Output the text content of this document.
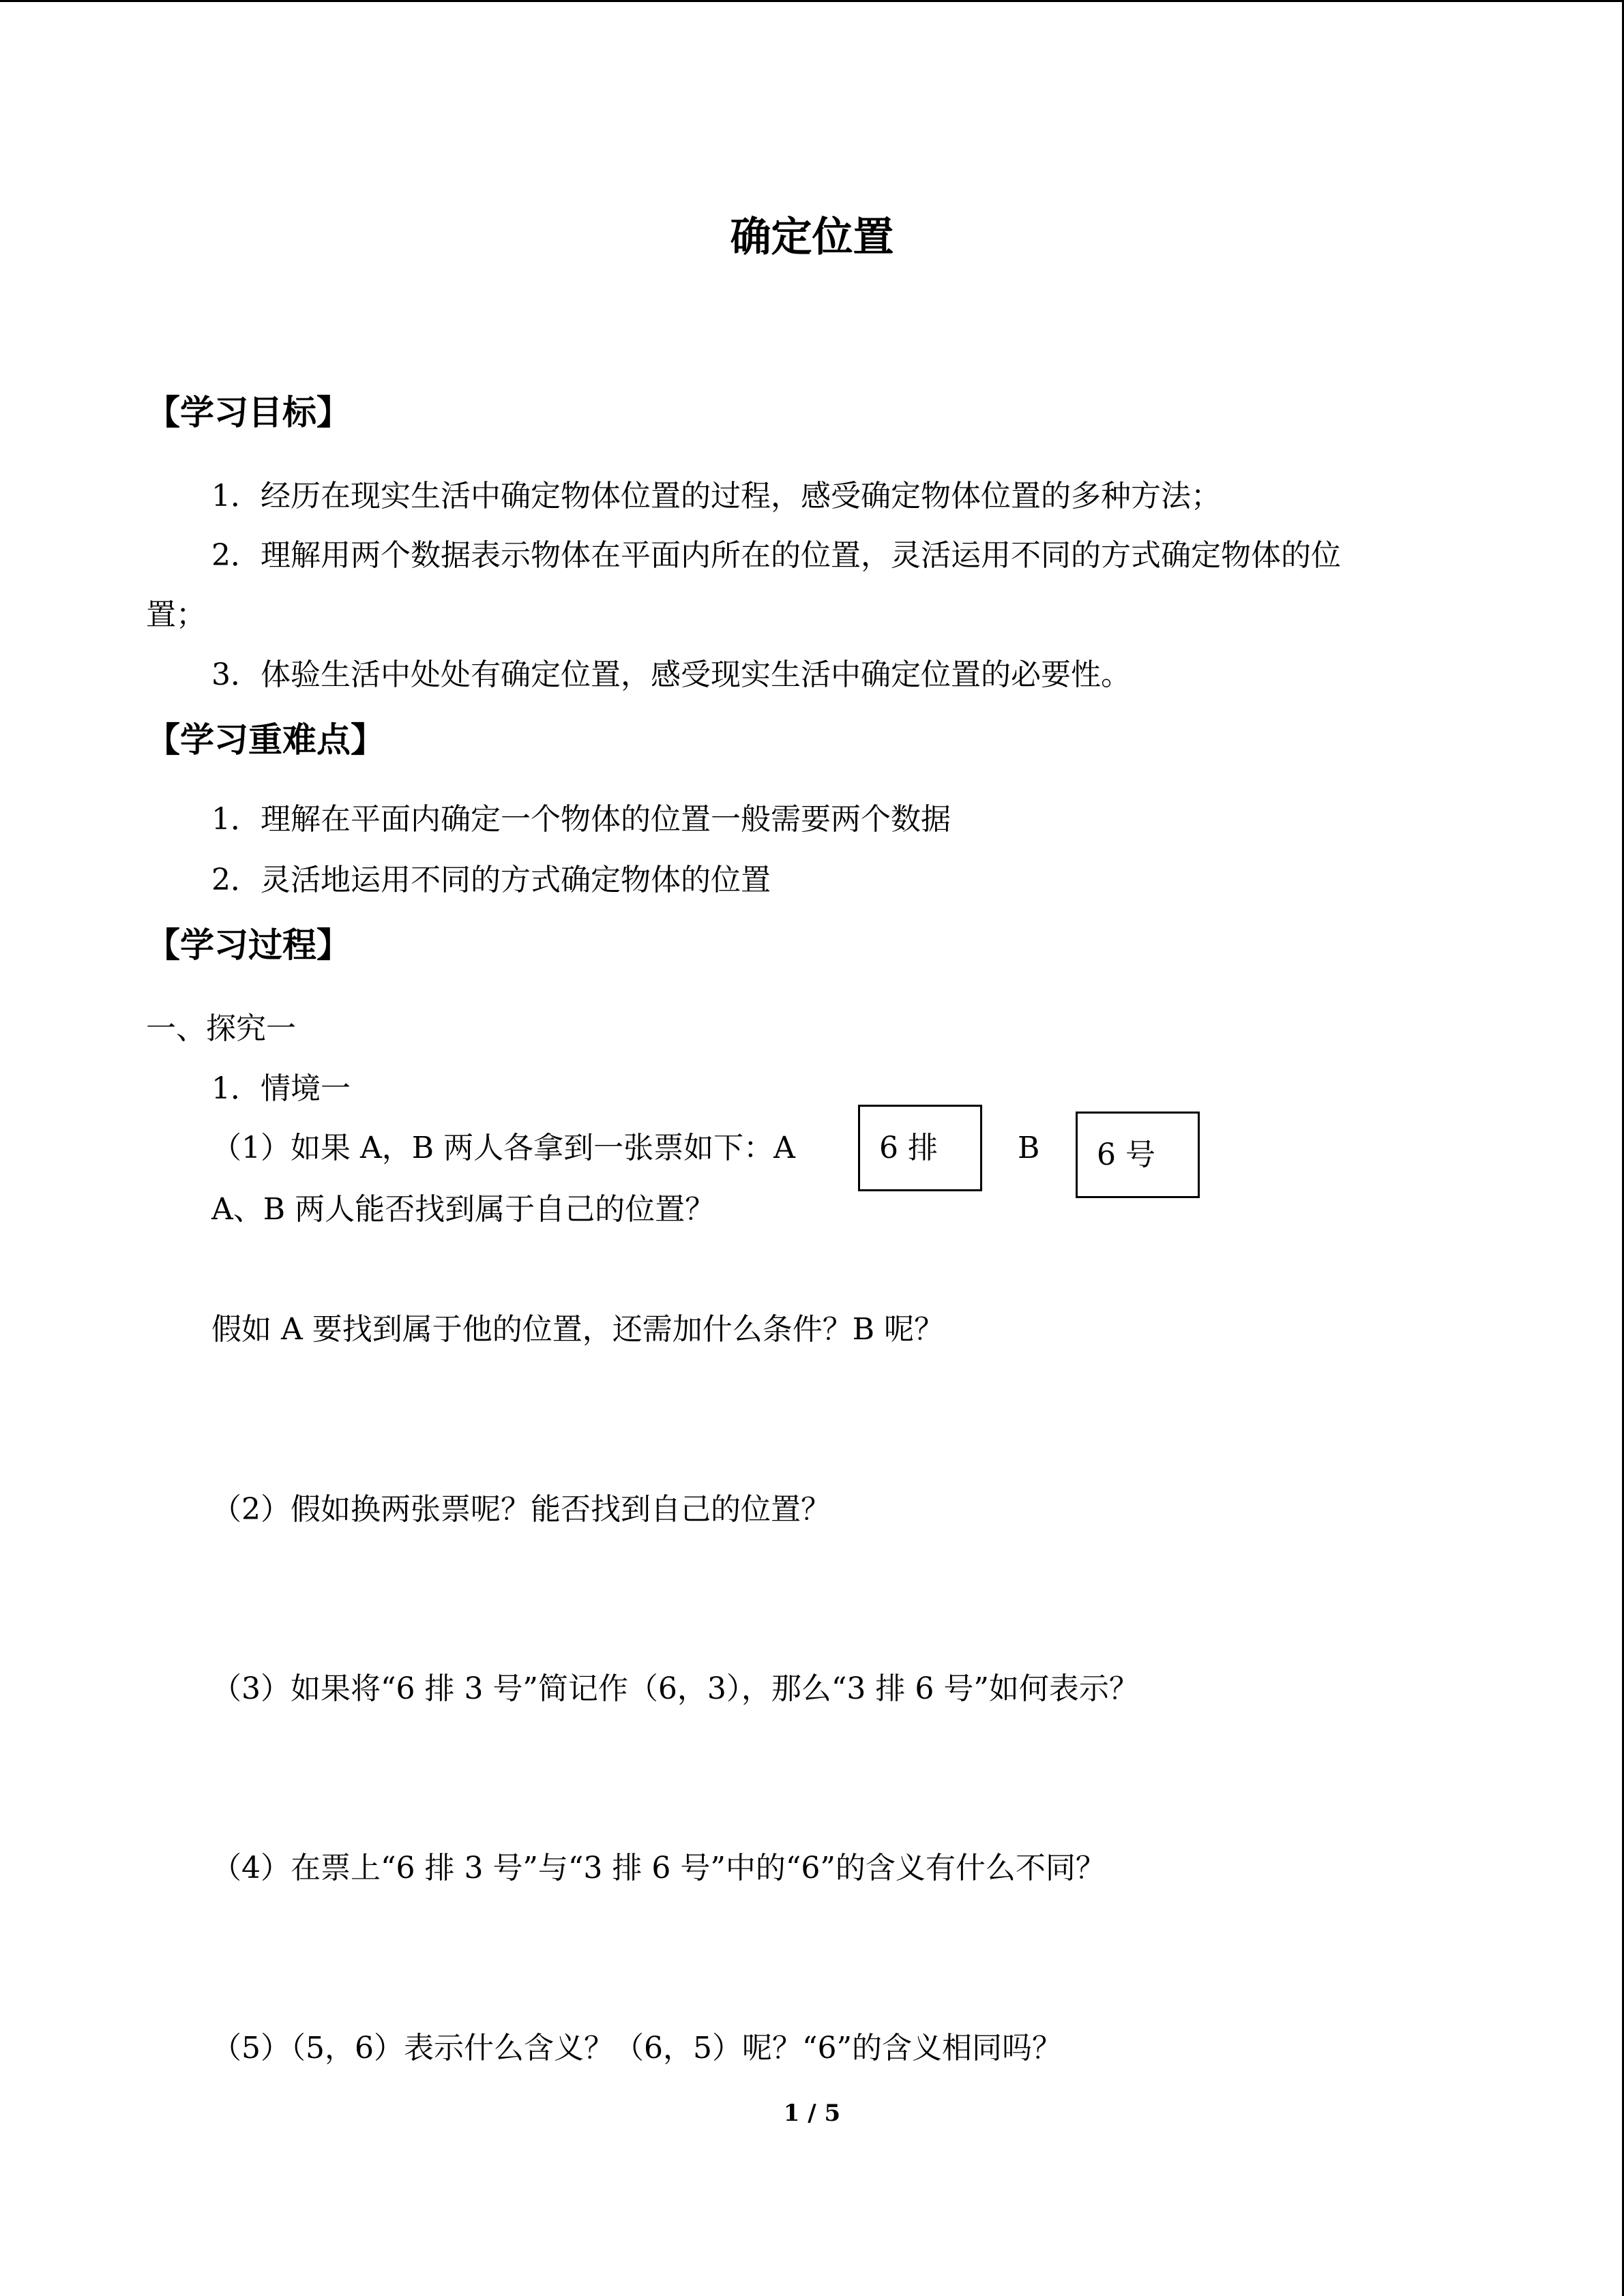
确定位置
【学习目标】
1．经历在现实生活中确定物体位置的过程，感受确定物体位置的多种方法；
2．理解用两个数据表示物体在平面内所在的位置，灵活运用不同的方式确定物体的位
置；
3．体验生活中处处有确定位置，感受现实生活中确定位置的必要性。
【学习重难点】
1．理解在平面内确定一个物体的位置一般需要两个数据
2．灵活地运用不同的方式确定物体的位置
【学习过程】
一、探究一
1．情境一
（1）如果 A，B 两人各拿到一张票如下：A	6 排	B 6 号
A、B 两人能否找到属于自己的位置？
假如 A 要找到属于他的位置，还需加什么条件？B 呢？
（2）假如换两张票呢？能否找到自己的位置？
（3）如果将“6 排 3 号”简记作（6，3），那么“3 排 6 号”如何表示？
（4）在票上“6 排 3 号”与“3 排 6 号”中的“6”的含义有什么不同？
（5）（5，6）表示什么含义？（6，5）呢？“6”的含义相同吗？
1 / 5
